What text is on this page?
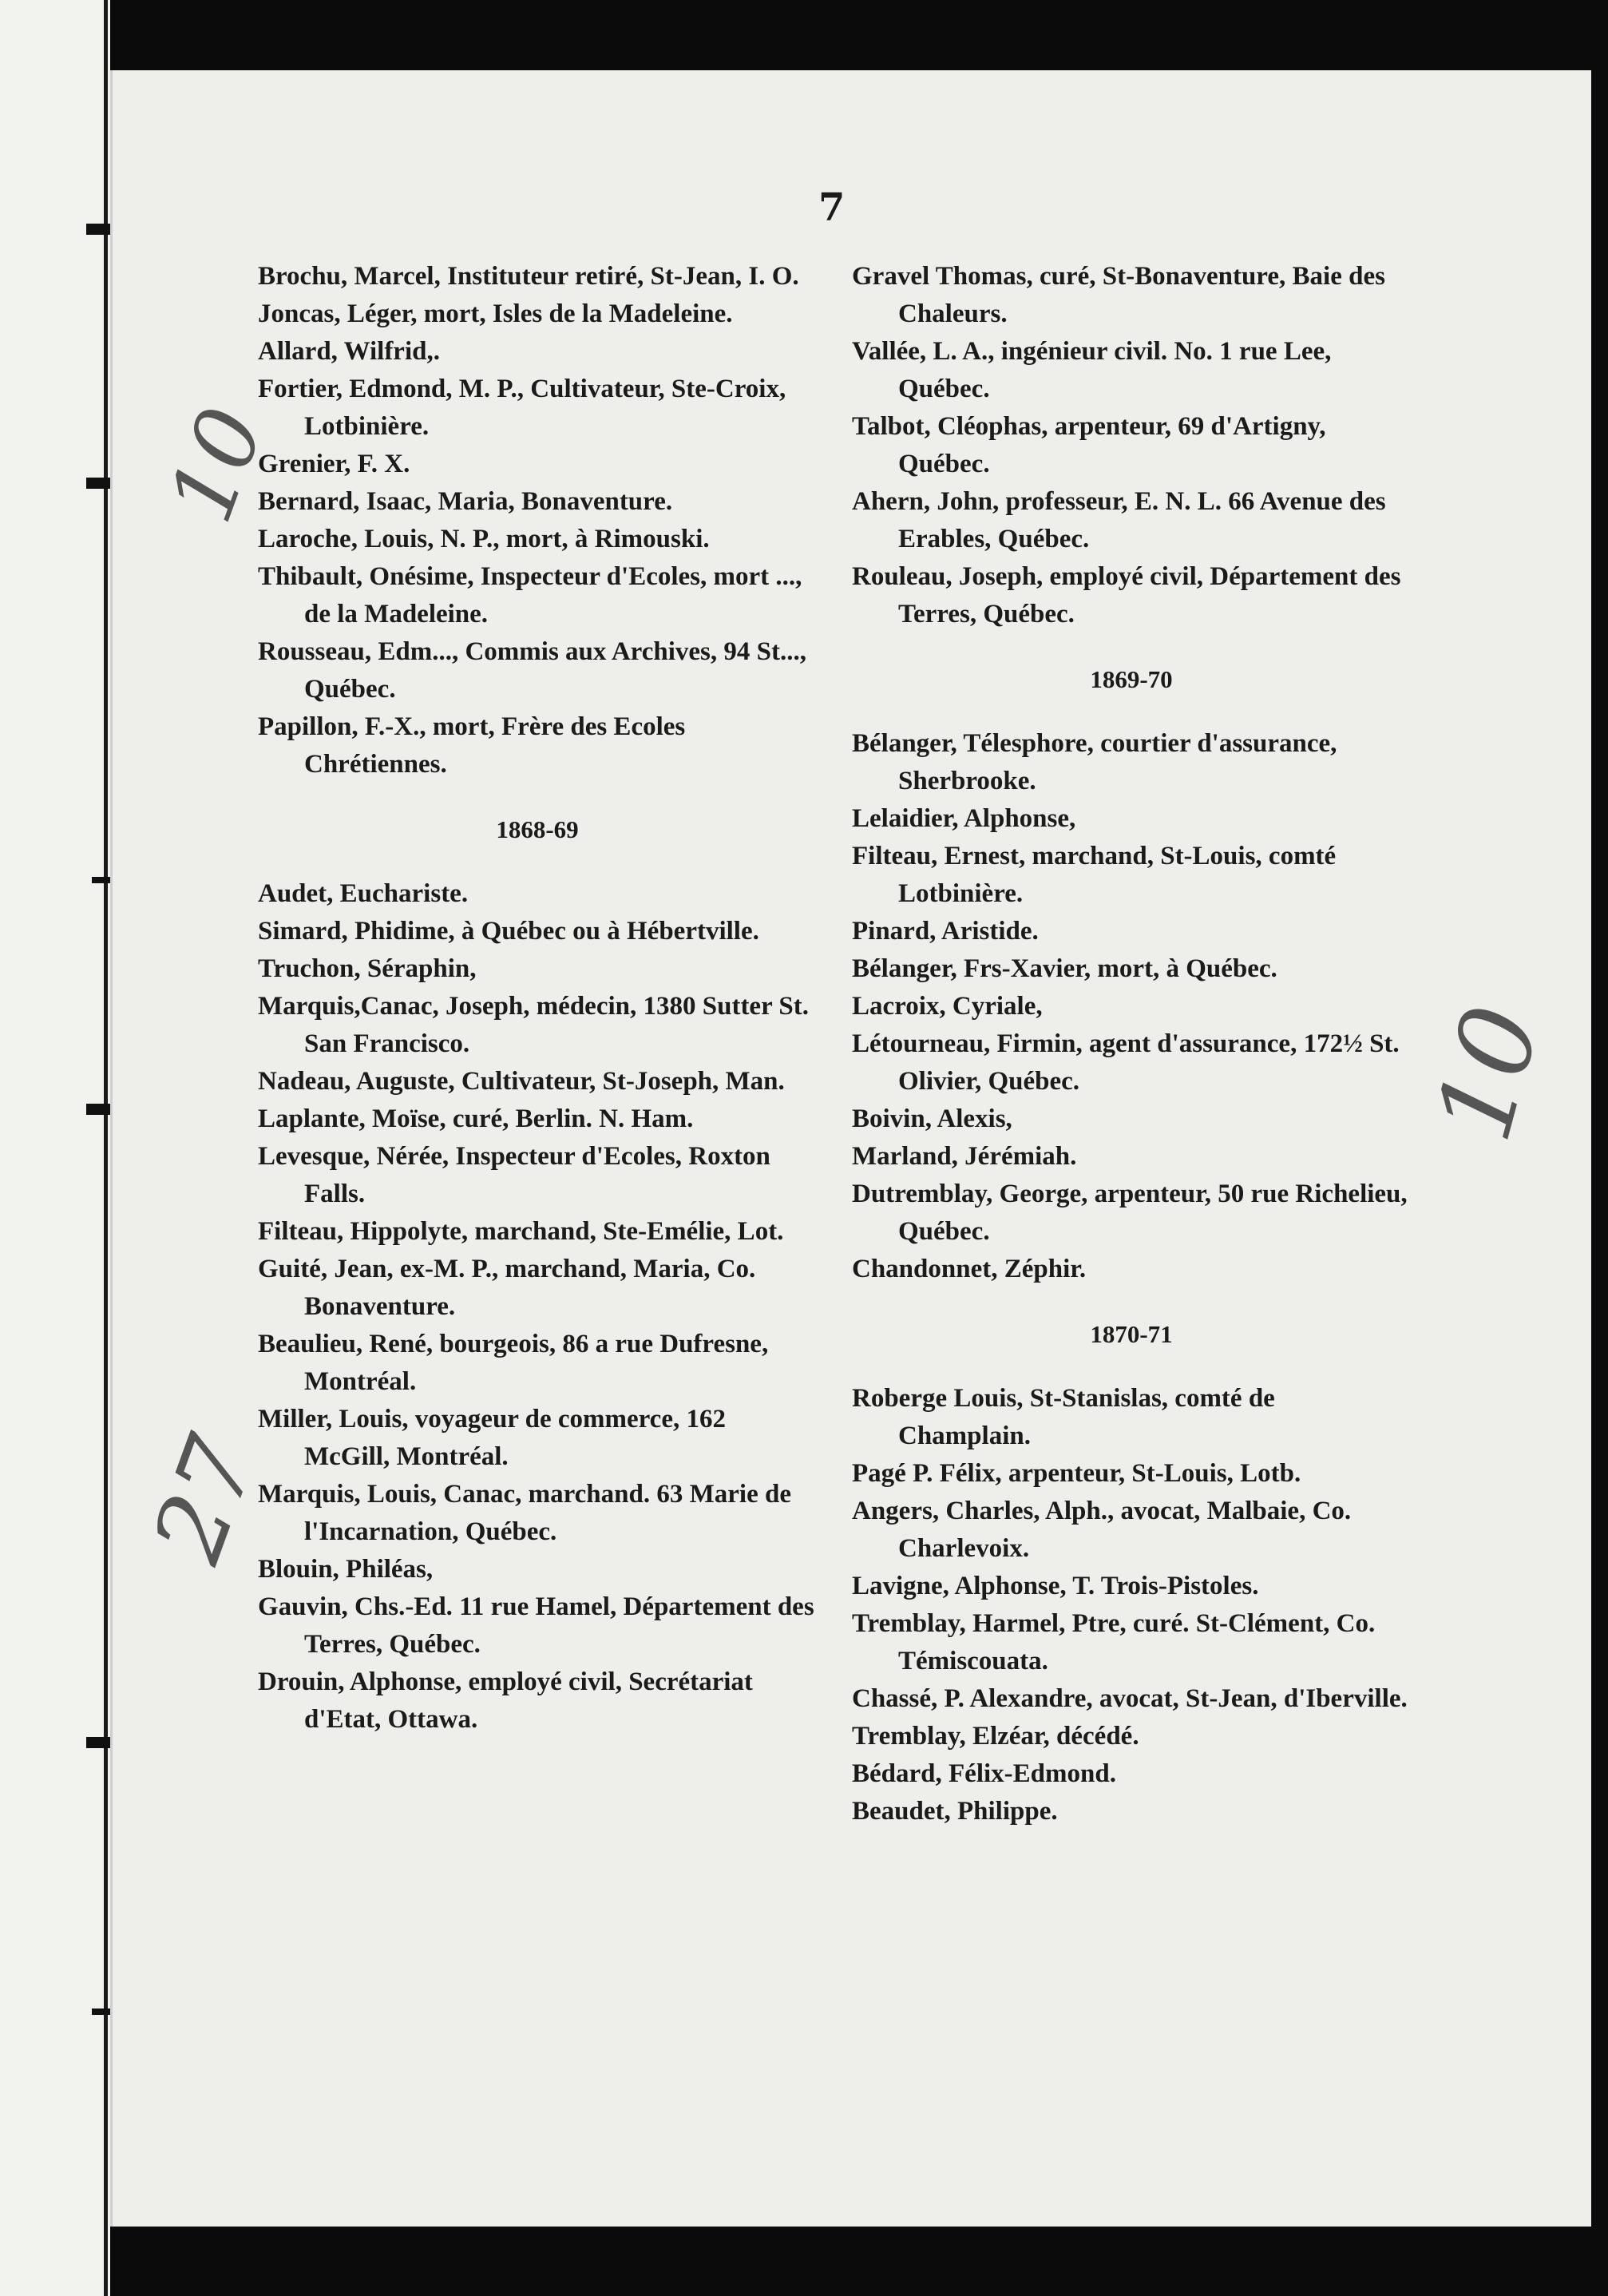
10
27
10
7

Brochu, Marcel, Instituteur retiré, St-Jean, I. O.

Joncas, Léger, mort, Isles de la Madeleine.

Allard, Wilfrid,.

Fortier, Edmond, M. P., Cultivateur, Ste-Croix, Lotbinière.

Grenier, F. X.

Bernard, Isaac, Maria, Bonaventure.

Laroche, Louis, N. P., mort, à Rimouski.

Thibault, Onésime, Inspecteur d'Ecoles, mort ..., de la Madeleine.

Rousseau, Edm..., Commis aux Archives, 94 St..., Québec.

Papillon, F.-X., mort, Frère des Ecoles Chrétiennes.

1868-69

Audet, Eucharistе.

Simard, Phidime, à Québec ou à Hébertville.

Truchon, Séraphin,

Marquis,Canac, Joseph, médecin, 1380 Sutter St. San Francisco.

Nadeau, Auguste, Cultivateur, St-Joseph, Man.

Laplante, Moïse, curé, Berlin. N. Ham.

Levesque, Nérée, Inspecteur d'Ecoles, Roxton Falls.

Filteau, Hippolyte, marchand, Ste-Emélie, Lot.

Guité, Jean, ex-M. P., marchand, Maria, Co. Bonaventure.

Beaulieu, René, bourgeois, 86 a rue Dufresne, Montréal.

Miller, Louis, voyageur de commerce, 162 McGill, Montréal.

Marquis, Louis, Canac, marchand. 63 Marie de l'Incarnation, Québec.

Blouin, Philéas,

Gauvin, Chs.-Ed. 11 rue Hamel, Département des Terres, Québec.

Drouin, Alphonse, employé civil, Secrétariat d'Etat, Ottawa.

Gravel Thomas, curé, St-Bonaventure, Baie des Chaleurs.

Vallée, L. A., ingénieur civil. No. 1 rue Lee, Québec.

Talbot, Cléophas, arpenteur, 69 d'Artigny, Québec.

Ahern, John, professeur, E. N. L. 66 Avenue des Erables, Québec.

Rouleau, Joseph, employé civil, Département des Terres, Québec.

1869-70

Bélanger, Télesphore, courtier d'assurance, Sherbrooke.

Lelaidier, Alphonse,

Filteau, Ernest, marchand, St-Louis, comté Lotbinière.

Pinard, Aristide.

Bélanger, Frs-Xavier, mort, à Québec.

Lacroix, Cyriale,

Létourneau, Firmin, agent d'assurance, 172½ St. Olivier, Québec.

Boivin, Alexis,

Marland, Jérémiah.

Dutremblay, George, arpenteur, 50 rue Richelieu, Québec.

Chandonnet, Zéphir.

1870-71

Roberge Louis, St-Stanislas, comté de Champlain.

Pagé P. Félix, arpenteur, St-Louis, Lotb.

Angers, Charles, Alph., avocat, Malbaie, Co. Charlevoix.

Lavigne, Alphonse, T. Trois-Pistoles.

Tremblay, Harmel, Ptre, curé. St-Clément, Co. Témiscouata.

Chassé, P. Alexandre, avocat, St-Jean, d'Iberville.

Tremblay, Elzéar, décédé.

Bédard, Félix-Edmond.

Beaudet, Philippe.
